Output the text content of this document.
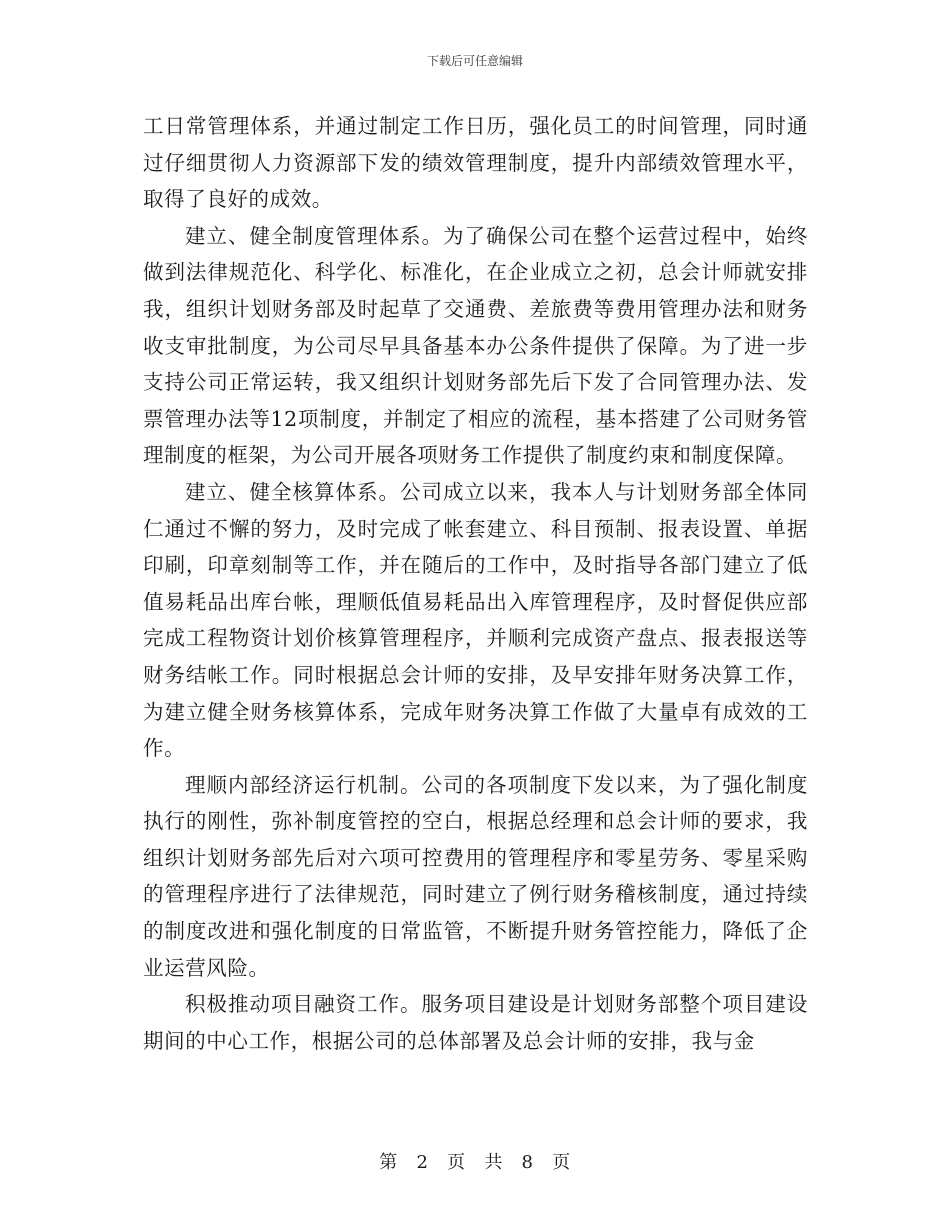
下载后可任意编辑

工日常管理体系，并通过制定工作日历，强化员工的时间管理，同时通过仔细贯彻人力资源部下发的绩效管理制度，提升内部绩效管理水平，取得了良好的成效。

建立、健全制度管理体系。为了确保公司在整个运营过程中，始终做到法律规范化、科学化、标准化，在企业成立之初，总会计师就安排我，组织计划财务部及时起草了交通费、差旅费等费用管理办法和财务收支审批制度，为公司尽早具备基本办公条件提供了保障。为了进一步支持公司正常运转，我又组织计划财务部先后下发了合同管理办法、发票管理办法等12项制度，并制定了相应的流程，基本搭建了公司财务管理制度的框架，为公司开展各项财务工作提供了制度约束和制度保障。

建立、健全核算体系。公司成立以来，我本人与计划财务部全体同仁通过不懈的努力，及时完成了帐套建立、科目预制、报表设置、单据印刷，印章刻制等工作，并在随后的工作中，及时指导各部门建立了低值易耗品出库台帐，理顺低值易耗品出入库管理程序，及时督促供应部完成工程物资计划价核算管理程序，并顺利完成资产盘点、报表报送等财务结帐工作。同时根据总会计师的安排，及早安排年财务决算工作，为建立健全财务核算体系，完成年财务决算工作做了大量卓有成效的工作。

理顺内部经济运行机制。公司的各项制度下发以来，为了强化制度执行的刚性，弥补制度管控的空白，根据总经理和总会计师的要求，我组织计划财务部先后对六项可控费用的管理程序和零星劳务、零星采购的管理程序进行了法律规范，同时建立了例行财务稽核制度，通过持续的制度改进和强化制度的日常监管，不断提升财务管控能力，降低了企业运营风险。

积极推动项目融资工作。服务项目建设是计划财务部整个项目建设期间的中心工作，根据公司的总体部署及总会计师的安排，我与金

第 2 页 共 8 页
